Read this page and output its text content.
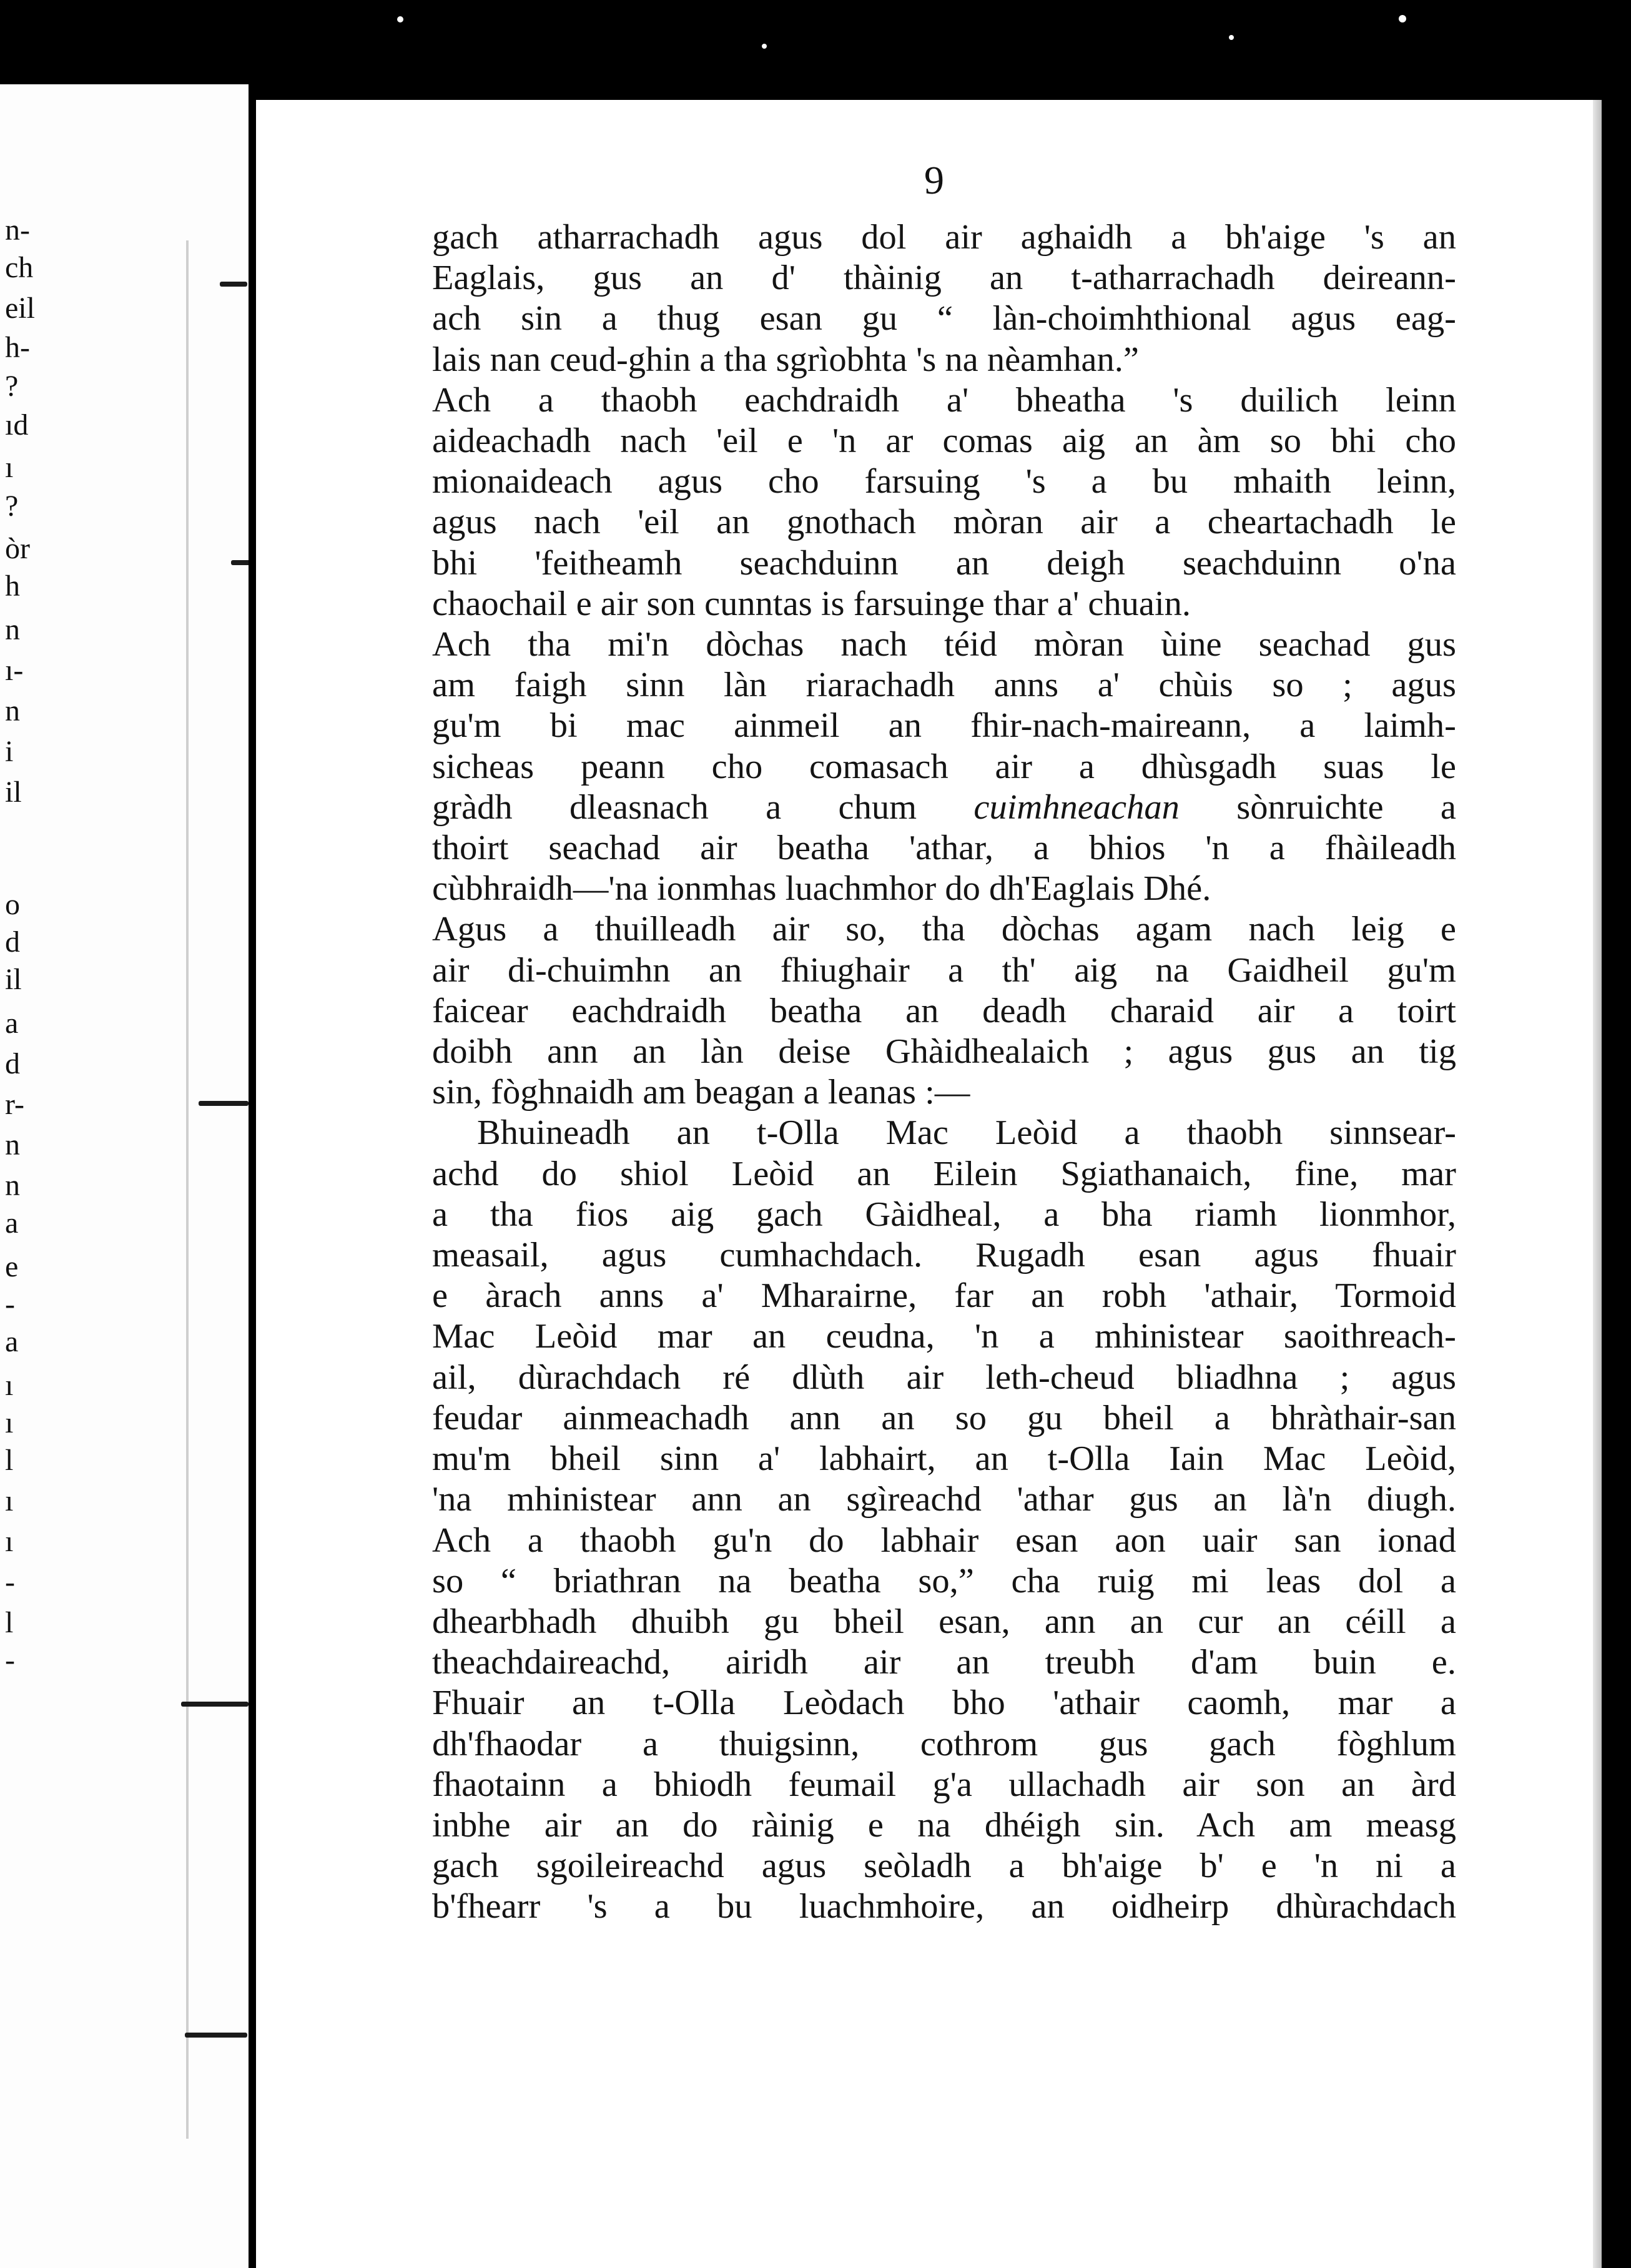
n-
ch
eil
h-
?
ıd
ı
?
òr
h
n
ı-
n
i
il
o
d
il
a
d
r-
n
n
a
e
-
a
ı
ı
l
ı
ı
-
l
-
9
gach atharrachadh agus dol air aghaidh a bh'aige 's an
Eaglais, gus an d' thàinig an t-atharrachadh deireann-
ach sin a thug esan gu “ làn-choimhthional agus eag-
lais nan ceud-ghin a tha sgrìobhta 's na nèamhan.”
Ach a thaobh eachdraidh a' bheatha 's duilich leinn
aideachadh nach 'eil e 'n ar comas aig an àm so bhi cho
mionaideach agus cho farsuing 's a bu mhaith leinn,
agus nach 'eil an gnothach mòran air a cheartachadh le
bhi 'feitheamh seachduinn an deigh seachduinn o'na
chaochail e air son cunntas is farsuinge thar a' chuain.
Ach tha mi'n dòchas nach téid mòran ùine seachad gus
am faigh sinn làn riarachadh anns a' chùis so ; agus
gu'm bi mac ainmeil an fhir-nach-maireann, a laimh-
sicheas peann cho comasach air a dhùsgadh suas le
gràdh dleasnach a chum cuimhneachan sònruichte a
thoirt seachad air beatha 'athar, a bhios 'n a fhàileadh
cùbhraidh—'na ionmhas luachmhor do dh'Eaglais Dhé.
Agus a thuilleadh air so, tha dòchas agam nach leig e
air di-chuimhn an fhiughair a th' aig na Gaidheil gu'm
faicear eachdraidh beatha an deadh charaid air a toirt
doibh ann an làn deise Ghàidhealaich ; agus gus an tig
sin, fòghnaidh am beagan a leanas :—
Bhuineadh an t-Olla Mac Leòid a thaobh sinnsear-
achd do shiol Leòid an Eilein Sgiathanaich, fine, mar
a tha fios aig gach Gàidheal, a bha riamh lionmhor,
measail, agus cumhachdach. Rugadh esan agus fhuair
e àrach anns a' Mharairne, far an robh 'athair, Tormoid
Mac Leòid mar an ceudna, 'n a mhinistear saoithreach-
ail, dùrachdach ré dlùth air leth-cheud bliadhna ; agus
feudar ainmeachadh ann an so gu bheil a bhràthair-san
mu'm bheil sinn a' labhairt, an t-Olla Iain Mac Leòid,
'na mhinistear ann an sgìreachd 'athar gus an là'n diugh.
Ach a thaobh gu'n do labhair esan aon uair san ionad
so “ briathran na beatha so,” cha ruig mi leas dol a
dhearbhadh dhuibh gu bheil esan, ann an cur an céill a
theachdaireachd, airidh air an treubh d'am buin e.
Fhuair an t-Olla Leòdach bho 'athair caomh, mar a
dh'fhaodar a thuigsinn, cothrom gus gach fòghlum
fhaotainn a bhiodh feumail g'a ullachadh air son an àrd
inbhe air an do ràinig e na dhéigh sin. Ach am measg
gach sgoileireachd agus seòladh a bh'aige b' e 'n ni a
b'fhearr 's a bu luachmhoire, an oidheirp dhùrachdach
